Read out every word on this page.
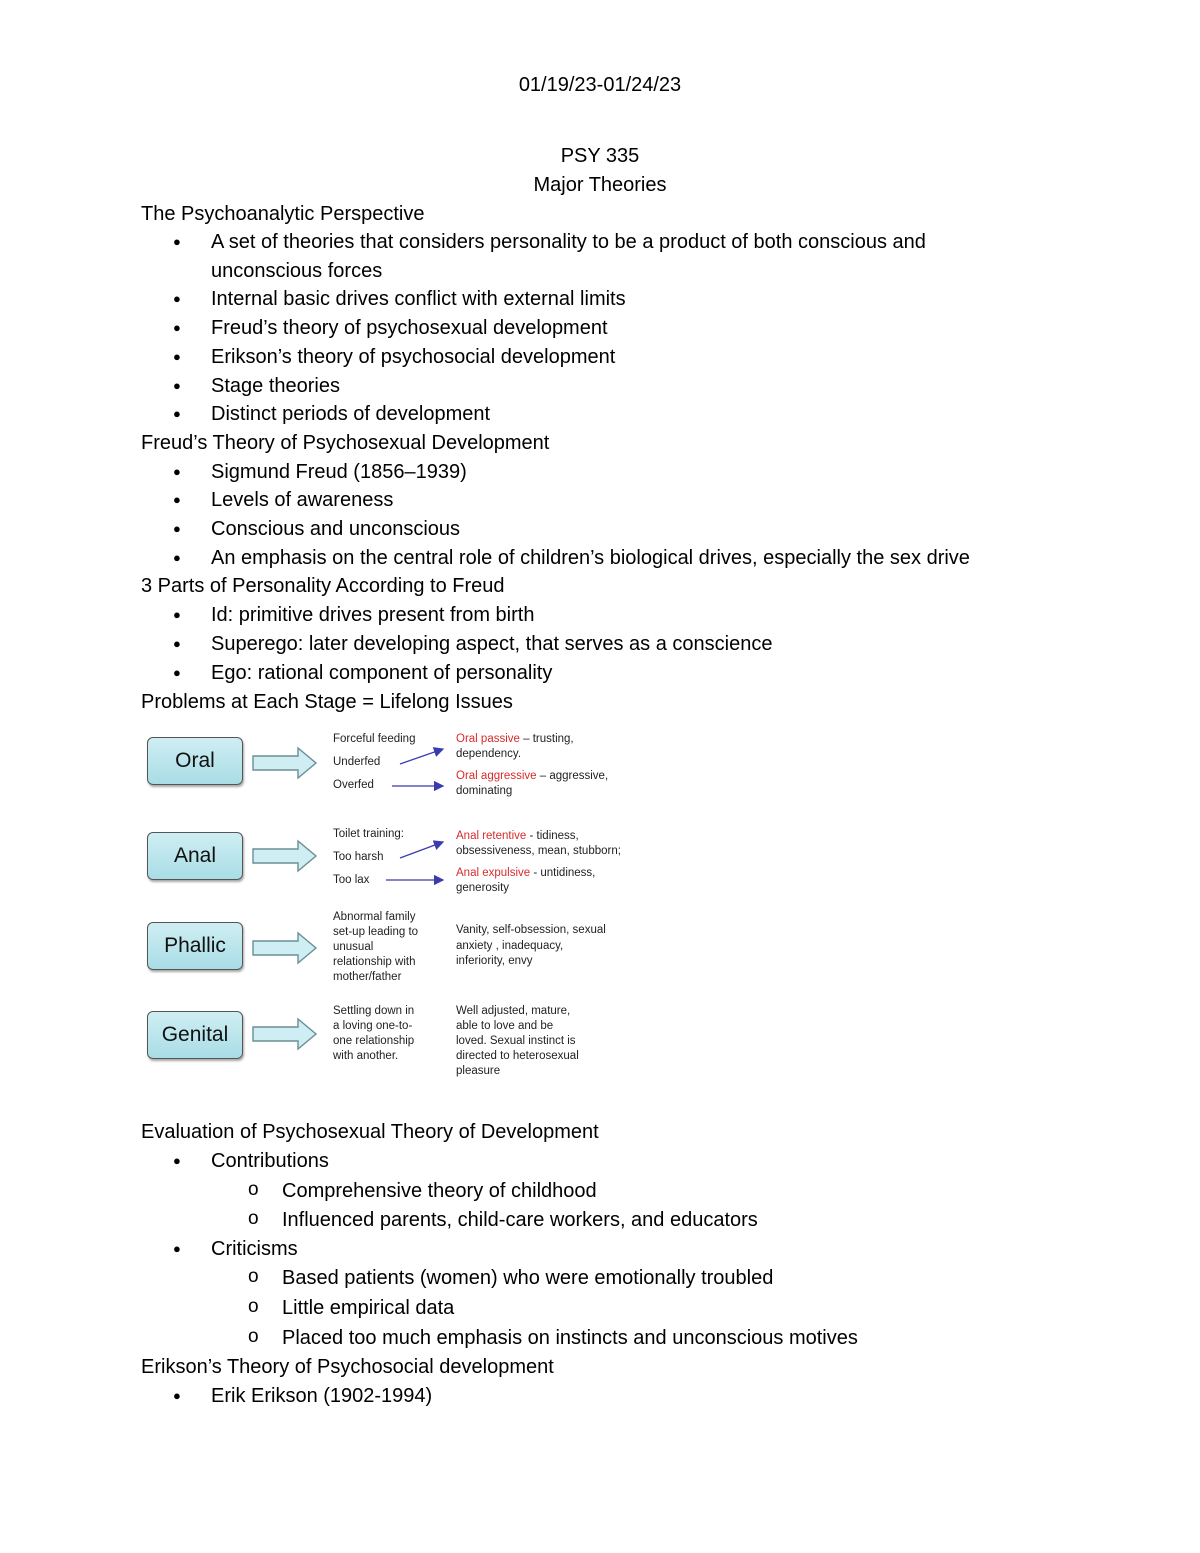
01/19/23-01/24/23
PSY 335
Major Theories
The Psychoanalytic Perspective
● A set of theories that considers personality to be a product of both conscious and
unconscious forces
● Internal basic drives conflict with external limits
● Freud’s theory of psychosexual development
● Erikson’s theory of psychosocial development
● Stage theories
● Distinct periods of development
Freud’s Theory of Psychosexual Development
● Sigmund Freud (1856–1939)
● Levels of awareness
● Conscious and unconscious
● An emphasis on the central role of children’s biological drives, especially the sex drive
3 Parts of Personality According to Freud
● Id: primitive drives present from birth
● Superego: later developing aspect, that serves as a conscience
● Ego: rational component of personality
Problems at Each Stage = Lifelong Issues
Oral
Forceful feeding
Underfed
Overfed
Oral passive – trusting,
dependency.
Oral aggressive – aggressive,
dominating
Anal
Toilet training:
Too harsh
Too lax
Anal retentive - tidiness,
obsessiveness, mean, stubborn;
Anal expulsive - untidiness,
generosity
Phallic
Abnormal family
set-up leading to
unusual
relationship with
mother/father
Vanity, self-obsession, sexual
anxiety , inadequacy,
inferiority, envy
Genital
Settling down in
a loving one-to-
one relationship
with another.
Well adjusted, mature,
able to love and be
loved. Sexual instinct is
directed to heterosexual
pleasure
Evaluation of Psychosexual Theory of Development
● Contributions
o Comprehensive theory of childhood
o Influenced parents, child-care workers, and educators
● Criticisms
o Based patients (women) who were emotionally troubled
o Little empirical data
o Placed too much emphasis on instincts and unconscious motives
Erikson’s Theory of Psychosocial development
● Erik Erikson (1902-1994)
